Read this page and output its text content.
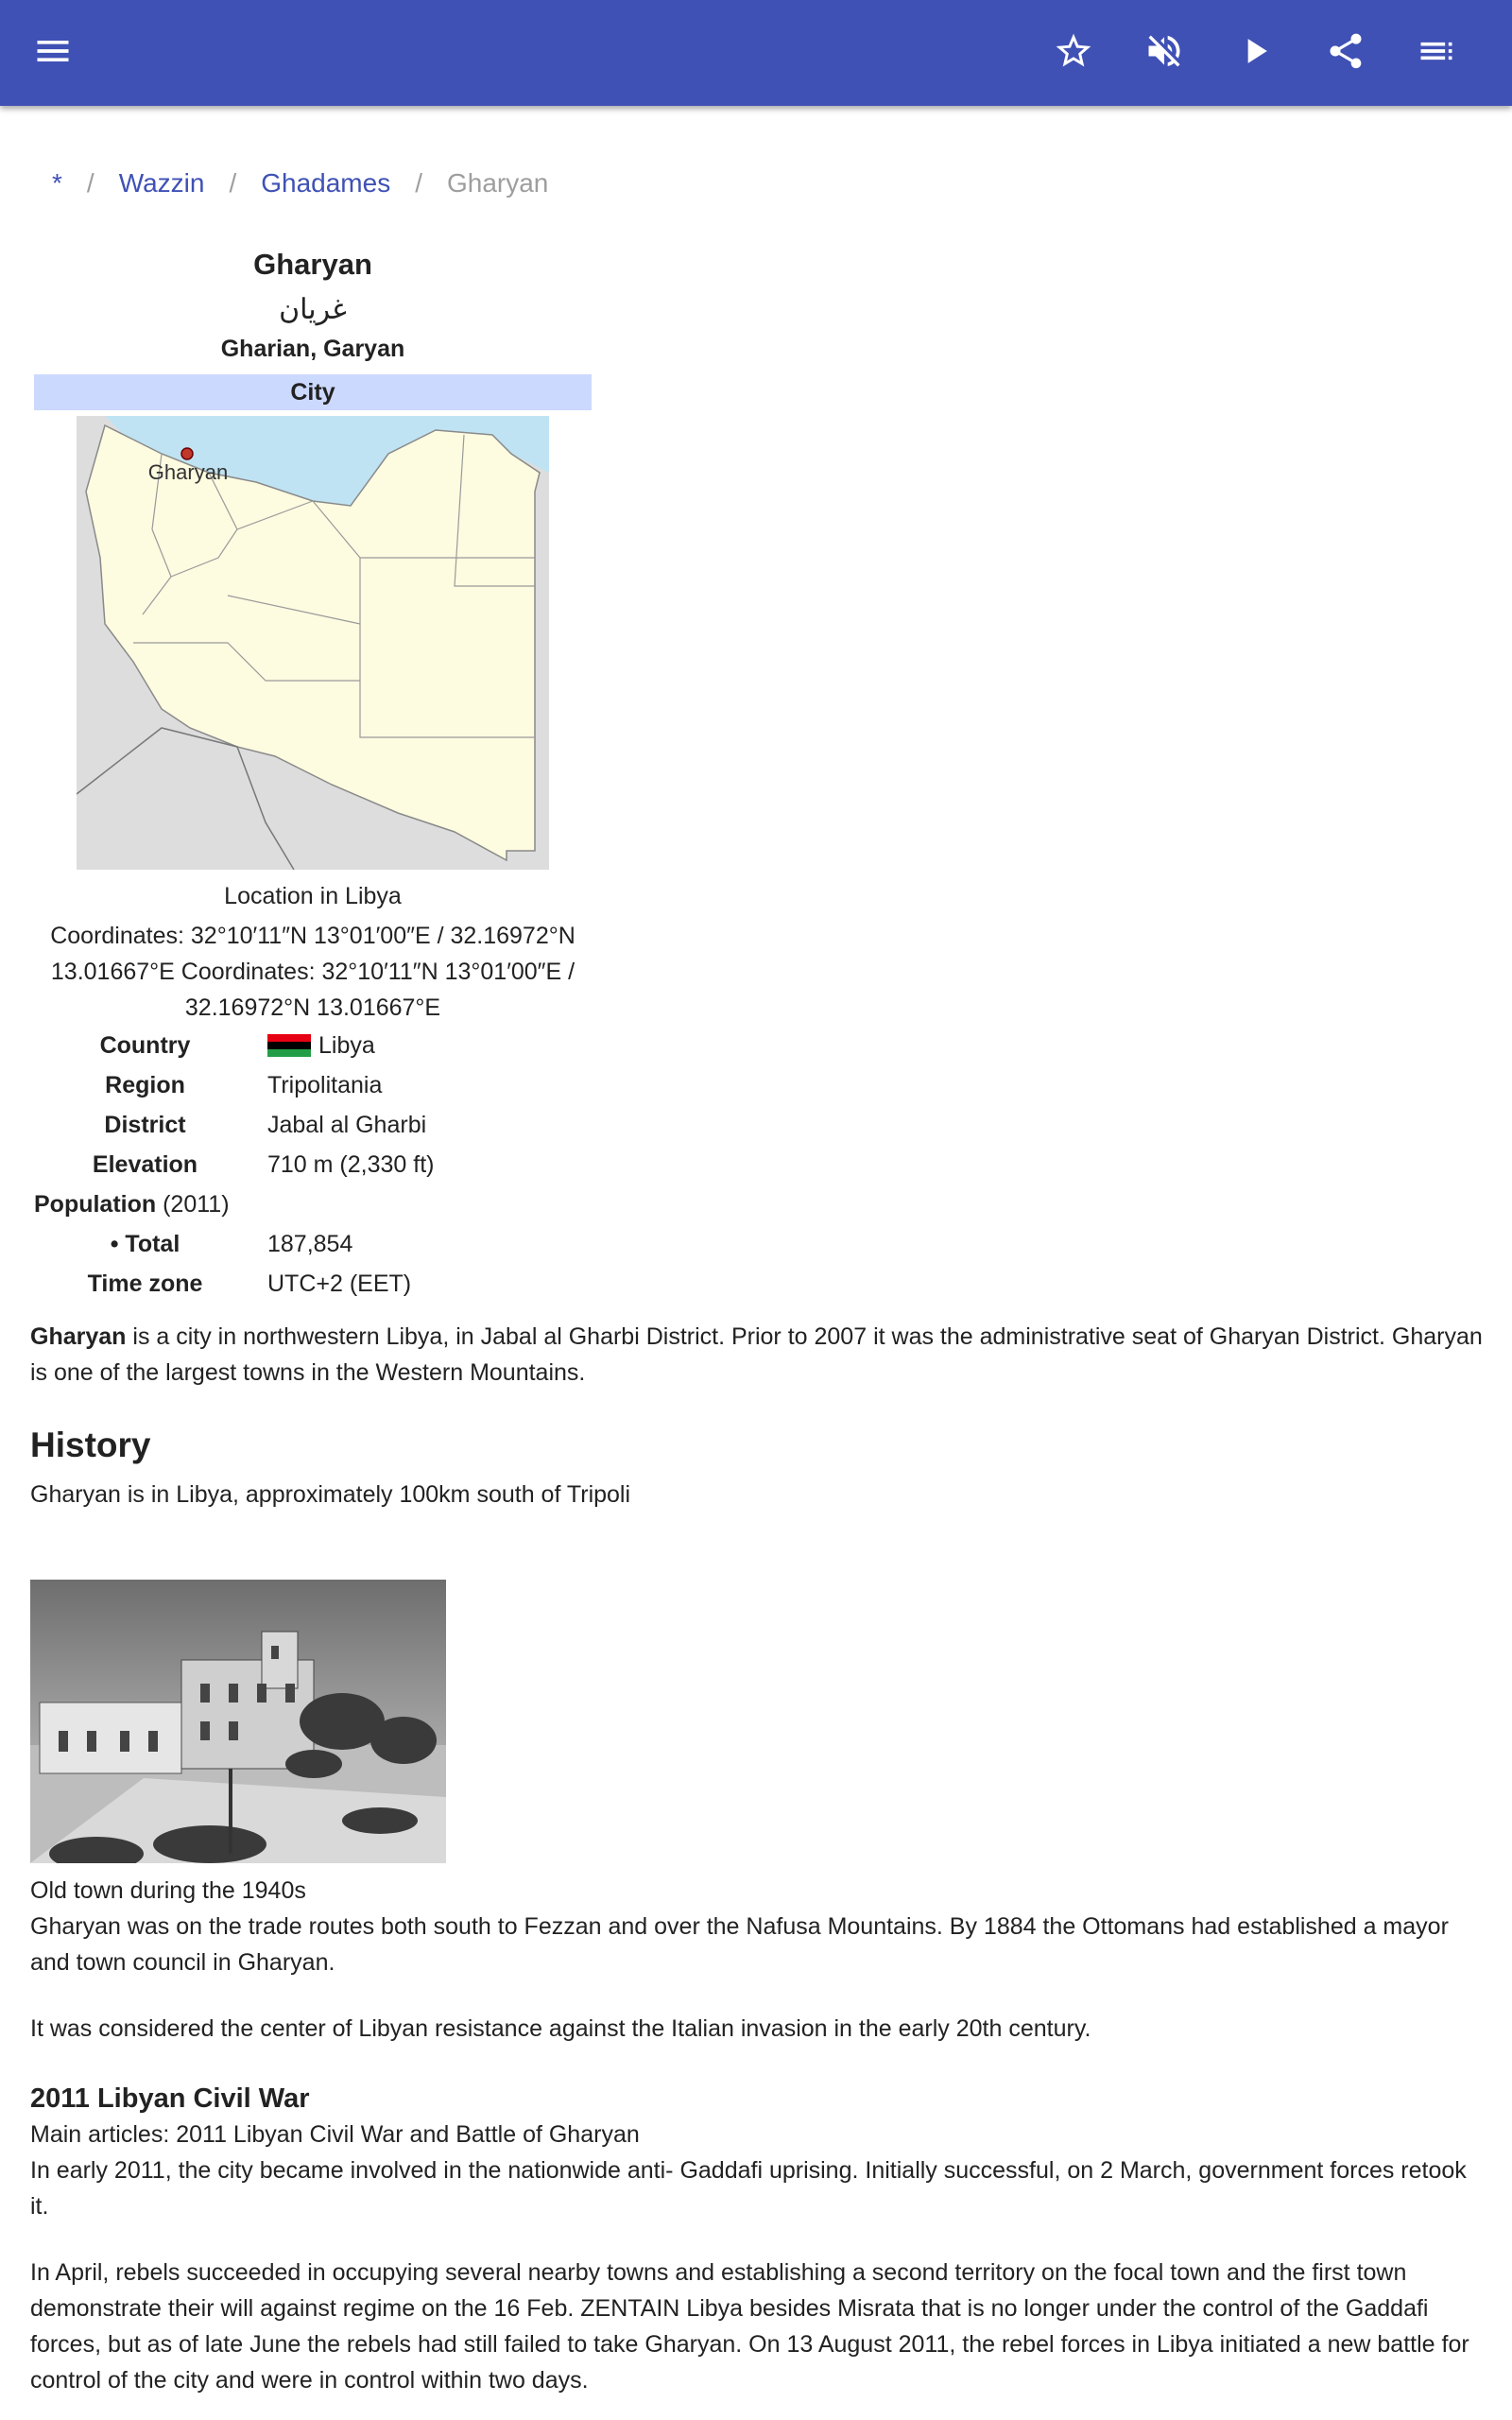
* / Wazzin / Ghadames / Gharyan
Gharyan
غريان
Gharian, Garyan
City
Gharyan
Location in Libya
Coordinates: 32°10′11″N 13°01′00″E / 32.16972°N 13.01667°E Coordinates: 32°10′11″N 13°01′00″E / 32.16972°N 13.01667°E
Country	Libya
Region	Tripolitania
District	Jabal al Gharbi
Elevation	710 m (2,330 ft)
Population (2011)
• Total	187,854
Time zone	UTC+2 (EET)

Gharyan is a city in northwestern Libya, in Jabal al Gharbi District. Prior to 2007 it was the administrative seat of Gharyan District. Gharyan is one of the largest towns in the Western Mountains.

History

Gharyan is in Libya, approximately 100km south of Tripoli

Old town during the 1940s

Gharyan was on the trade routes both south to Fezzan and over the Nafusa Mountains. By 1884 the Ottomans had established a mayor and town council in Gharyan.

It was considered the center of Libyan resistance against the Italian invasion in the early 20th century.

2011 Libyan Civil War

Main articles: 2011 Libyan Civil War and Battle of Gharyan

In early 2011, the city became involved in the nationwide anti- Gaddafi uprising. Initially successful, on 2 March, government forces retook it.

In April, rebels succeeded in occupying several nearby towns and establishing a second territory on the focal town and the first town demonstrate their will against regime on the 16 Feb. ZENTAIN Libya besides Misrata that is no longer under the control of the Gaddafi forces, but as of late June the rebels had still failed to take Gharyan. On 13 August 2011, the rebel forces in Libya initiated a new battle for control of the city and were in control within two days.
